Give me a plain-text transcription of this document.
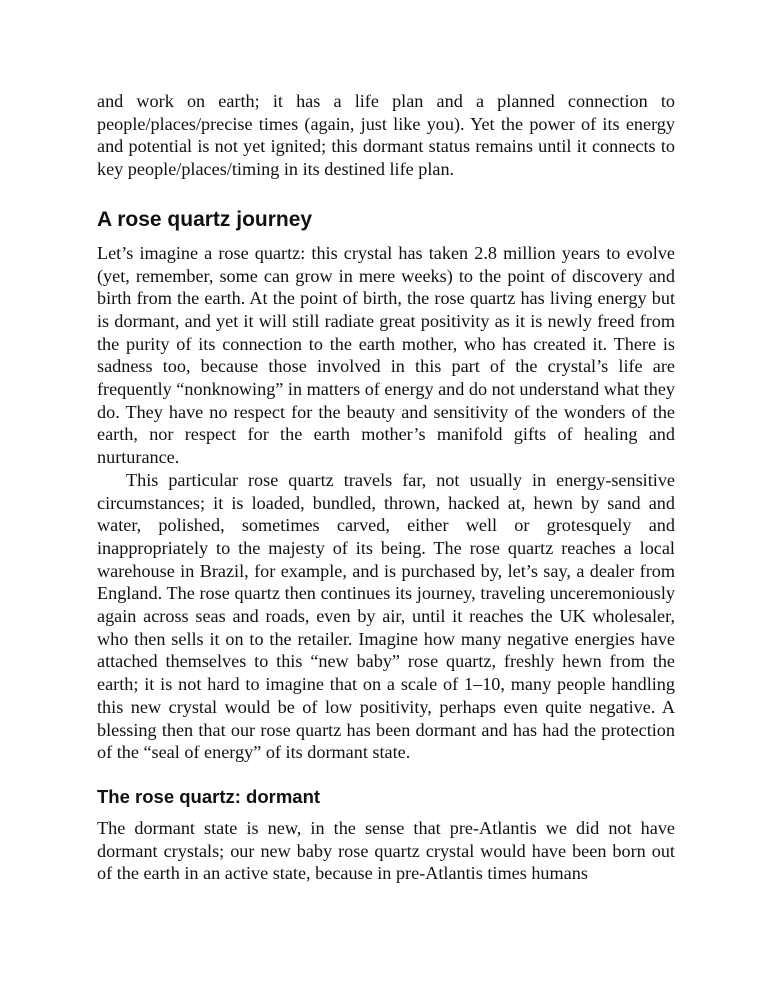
and work on earth; it has a life plan and a planned connection to people/places/precise times (again, just like you). Yet the power of its energy and potential is not yet ignited; this dormant status remains until it connects to key people/places/timing in its destined life plan.

A rose quartz journey

Let’s imagine a rose quartz: this crystal has taken 2.8 million years to evolve (yet, remember, some can grow in mere weeks) to the point of discovery and birth from the earth. At the point of birth, the rose quartz has living energy but is dormant, and yet it will still radiate great positivity as it is newly freed from the purity of its connection to the earth mother, who has created it. There is sadness too, because those involved in this part of the crystal’s life are frequently “nonknowing” in matters of energy and do not understand what they do. They have no respect for the beauty and sensitivity of the wonders of the earth, nor respect for the earth mother’s manifold gifts of healing and nurturance.

This particular rose quartz travels far, not usually in energy-sensitive circumstances; it is loaded, bundled, thrown, hacked at, hewn by sand and water, polished, sometimes carved, either well or grotesquely and inappropriately to the majesty of its being. The rose quartz reaches a local warehouse in Brazil, for example, and is purchased by, let’s say, a dealer from England. The rose quartz then continues its journey, traveling unceremoniously again across seas and roads, even by air, until it reaches the UK wholesaler, who then sells it on to the retailer. Imagine how many negative energies have attached themselves to this “new baby” rose quartz, freshly hewn from the earth; it is not hard to imagine that on a scale of 1–10, many people handling this new crystal would be of low positivity, perhaps even quite negative. A blessing then that our rose quartz has been dormant and has had the protection of the “seal of energy” of its dormant state.

The rose quartz: dormant

The dormant state is new, in the sense that pre-Atlantis we did not have dormant crystals; our new baby rose quartz crystal would have been born out of the earth in an active state, because in pre-Atlantis times humans
